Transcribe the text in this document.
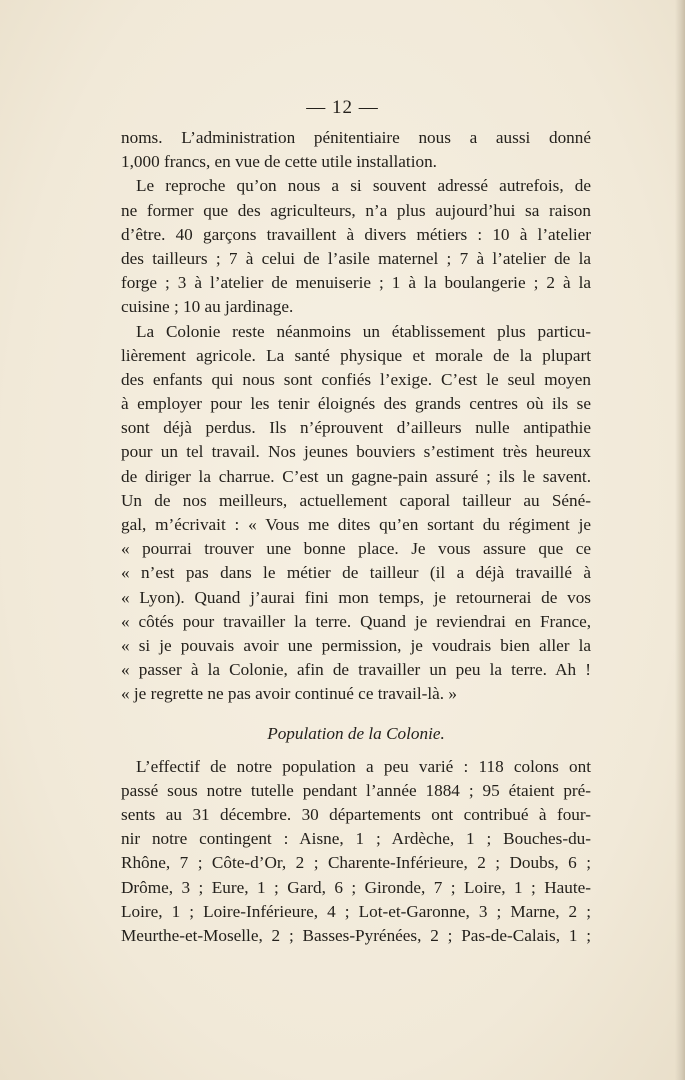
— 12 —

noms. L’administration pénitentiaire nous a aussi donné
1,000 francs, en vue de cette utile installation.

Le reproche qu’on nous a si souvent adressé autrefois, de
ne former que des agriculteurs, n’a plus aujourd’hui sa raison
d’être. 40 garçons travaillent à divers métiers : 10 à l’atelier
des tailleurs ; 7 à celui de l’asile maternel ; 7 à l’atelier de la
forge ; 3 à l’atelier de menuiserie ; 1 à la boulangerie ; 2 à la
cuisine ; 10 au jardinage.

La Colonie reste néanmoins un établissement plus particu-
lièrement agricole. La santé physique et morale de la plupart
des enfants qui nous sont confiés l’exige. C’est le seul moyen
à employer pour les tenir éloignés des grands centres où ils se
sont déjà perdus. Ils n’éprouvent d’ailleurs nulle antipathie
pour un tel travail. Nos jeunes bouviers s’estiment très heureux
de diriger la charrue. C’est un gagne-pain assuré ; ils le savent.
Un de nos meilleurs, actuellement caporal tailleur au Séné-
gal, m’écrivait : « Vous me dites qu’en sortant du régiment je
« pourrai trouver une bonne place. Je vous assure que ce
« n’est pas dans le métier de tailleur (il a déjà travaillé à
« Lyon). Quand j’aurai fini mon temps, je retournerai de vos
« côtés pour travailler la terre. Quand je reviendrai en France,
« si je pouvais avoir une permission, je voudrais bien aller la
« passer à la Colonie, afin de travailler un peu la terre. Ah !
« je regrette ne pas avoir continué ce travail-là. »

Population de la Colonie.

L’effectif de notre population a peu varié : 118 colons ont
passé sous notre tutelle pendant l’année 1884 ; 95 étaient pré-
sents au 31 décembre. 30 départements ont contribué à four-
nir notre contingent : Aisne, 1 ; Ardèche, 1 ; Bouches-du-
Rhône, 7 ; Côte-d’Or, 2 ; Charente-Inférieure, 2 ; Doubs, 6 ;
Drôme, 3 ; Eure, 1 ; Gard, 6 ; Gironde, 7 ; Loire, 1 ; Haute-
Loire, 1 ; Loire-Inférieure, 4 ; Lot-et-Garonne, 3 ; Marne, 2 ;
Meurthe-et-Moselle, 2 ; Basses-Pyrénées, 2 ; Pas-de-Calais, 1 ;
